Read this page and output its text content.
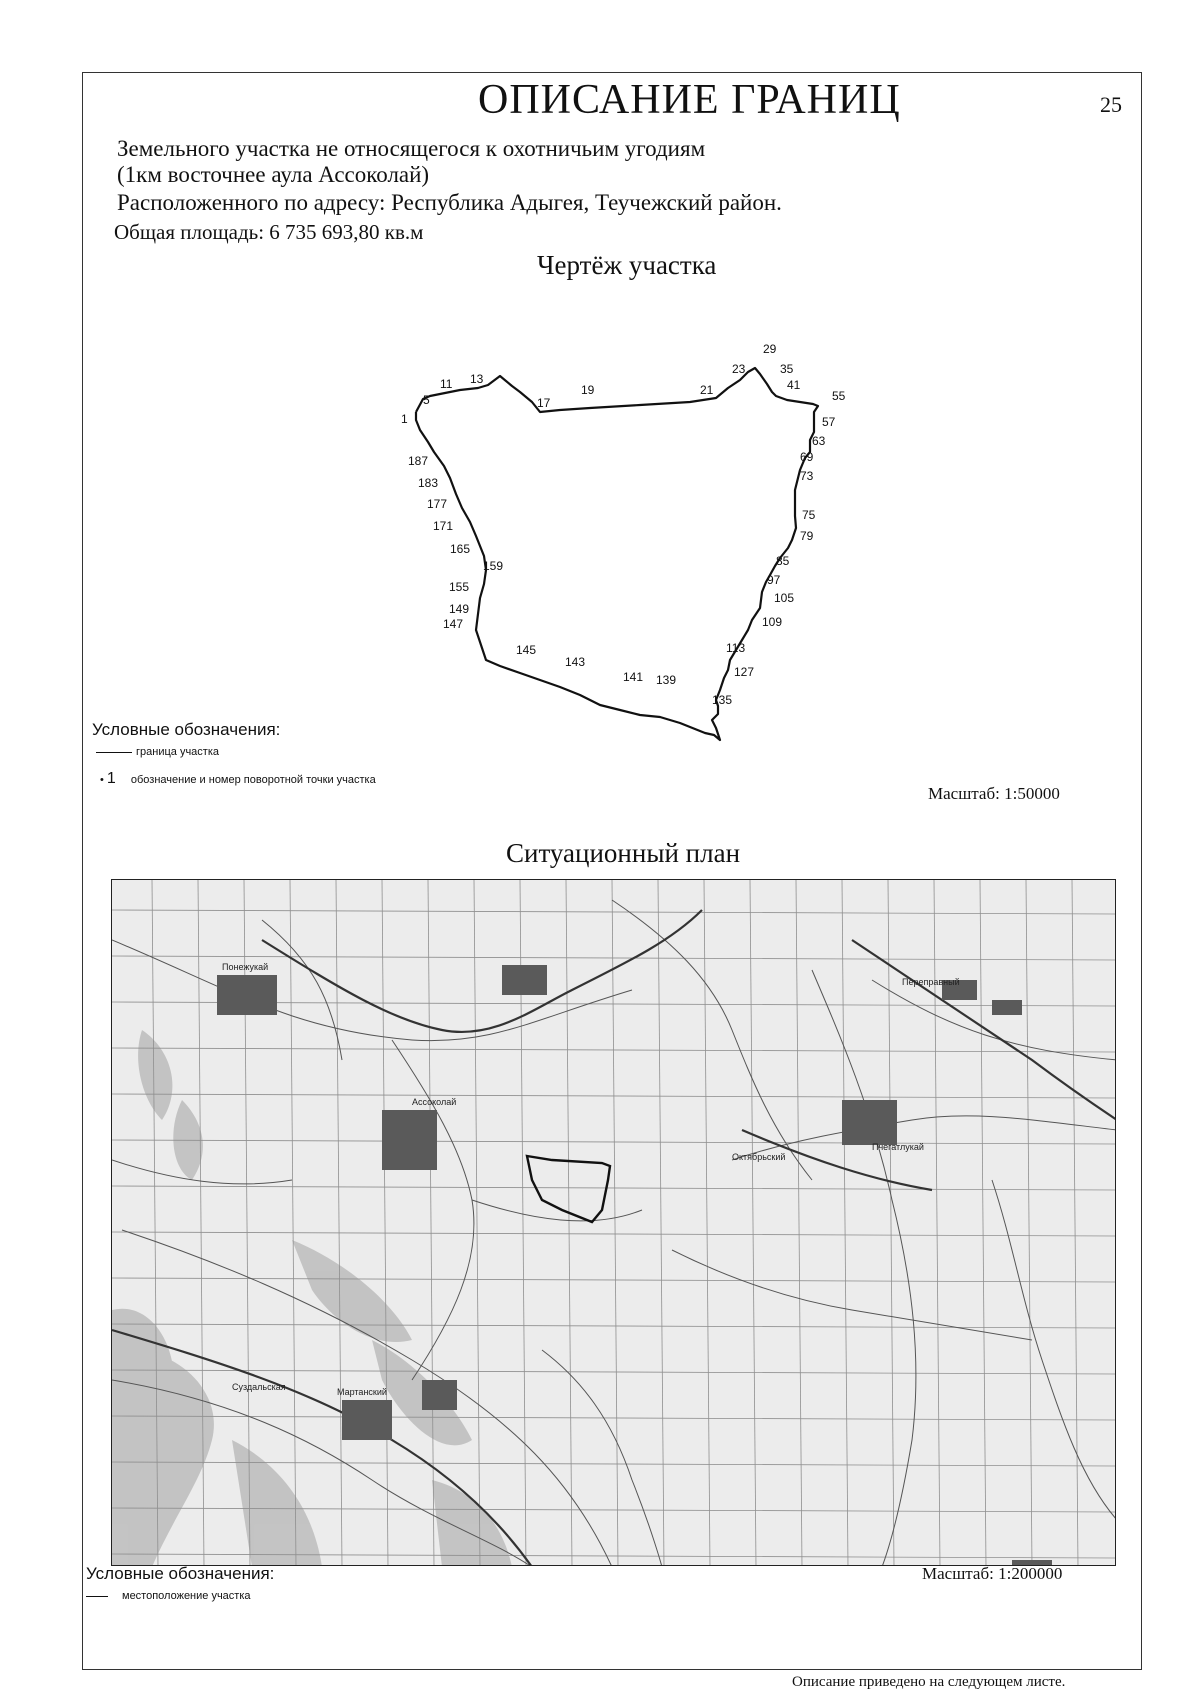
ОПИСАНИЕ ГРАНИЦ	25
Земельного участка не относящегося к охотничьим угодиям
(1км восточнее аула Ассоколай)
Расположенного по адресу: Республика Адыгея, Теучежский район.
Общая площадь: 6 735 693,80 кв.м
Чертёж участка
1
5
11 13
17
19	21
23
29
35
41
55
57
63
69
73
75
79
85
97
105
109
113
127
135
139
141
143
145
147
149
155
159
165
171
177
183
187
Условные обозначения:
граница участка
• 1 обозначение и номер поворотной точки участка
Масштаб: 1:50000
Ситуационный план
Ассоколай
Октябрьский
Пчегатлукай
Мартанский
Суздальская
Понежукай
Переправный
Условные обозначения:
местоположение участка
Масштаб: 1:200000
Описание приведено на следующем листе.
